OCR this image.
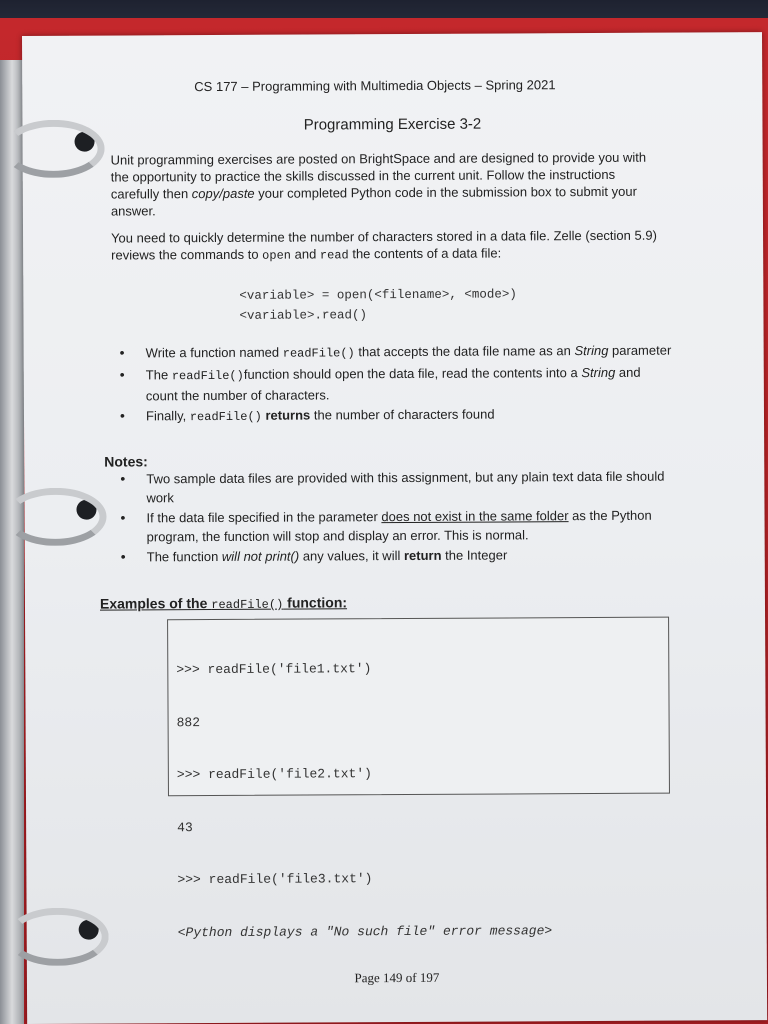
CS 177 – Programming with Multimedia Objects – Spring 2021
Programming Exercise 3-2
Unit programming exercises are posted on BrightSpace and are designed to provide you with the opportunity to practice the skills discussed in the current unit. Follow the instructions carefully then copy/paste your completed Python code in the submission box to submit your answer.
You need to quickly determine the number of characters stored in a data file. Zelle (section 5.9) reviews the commands to open and read the contents of a data file:
<variable> = open(<filename>, <mode>)
<variable>.read()
• Write a function named readFile() that accepts the data file name as an String parameter
• The readFile()function should open the data file, read the contents into a String and count the number of characters.
• Finally, readFile() returns the number of characters found
Notes:
• Two sample data files are provided with this assignment, but any plain text data file should work
• If the data file specified in the parameter does not exist in the same folder as the Python program, the function will stop and display an error. This is normal.
• The function will not print() any values, it will return the Integer
Examples of the readFile() function:

>>> readFile('file1.txt')

882

>>> readFile('file2.txt')

43

>>> readFile('file3.txt')

<Python displays a "No such file" error message>

Page 149 of 197
